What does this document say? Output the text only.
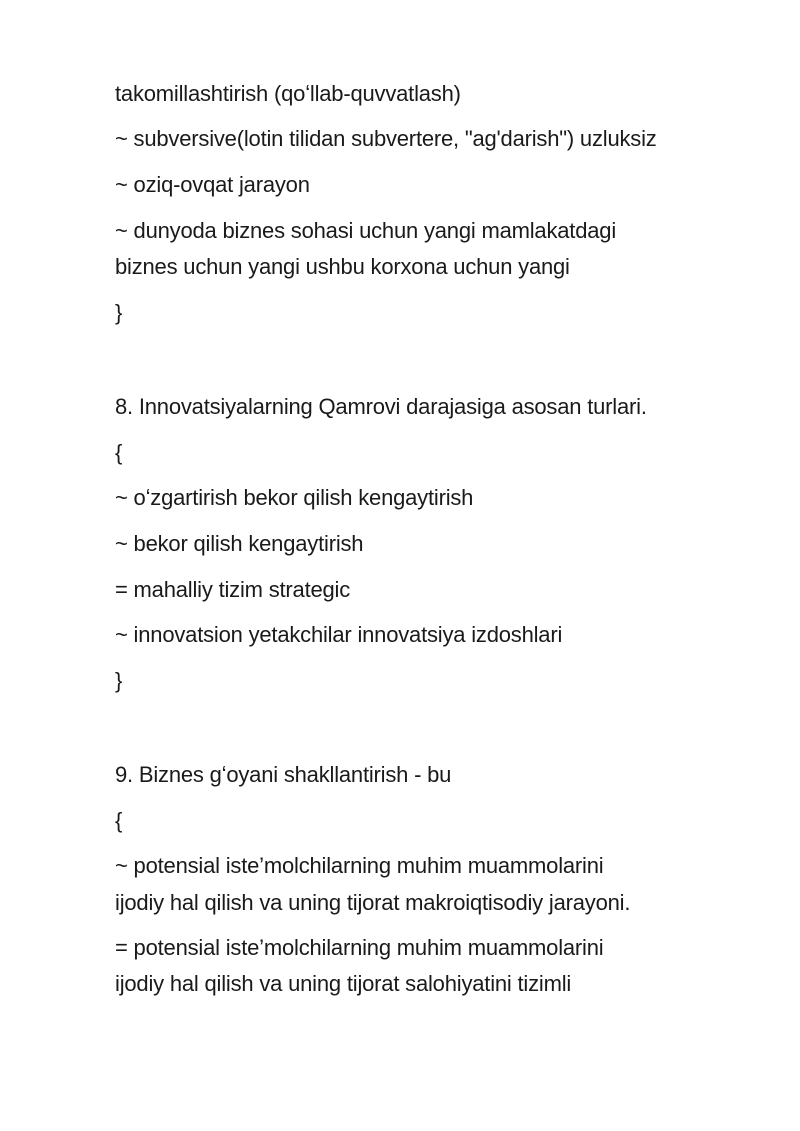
takomillashtirish (qoʻllab-quvvatlash)

~ subversive(lotin tilidan subvertere, "ag'darish") uzluksiz

~ oziq-ovqat jarayon

~ dunyoda biznes sohasi uchun yangi mamlakatdagi

biznes uchun yangi ushbu korxona uchun yangi

}

8. Innovatsiyalarning Qamrovi darajasiga asosan turlari.

{

~ oʻzgartirish bekor qilish kengaytirish

~ bekor qilish kengaytirish

= mahalliy tizim strategic

~ innovatsion yetakchilar innovatsiya izdoshlari

}

9. Biznes gʻoyani shakllantirish - bu

{

~ potensial iste’molchilarning muhim muammolarini

ijodiy hal qilish va uning tijorat makroiqtisodiy jarayoni.

= potensial iste’molchilarning muhim muammolarini

ijodiy hal qilish va uning tijorat salohiyatini tizimli
